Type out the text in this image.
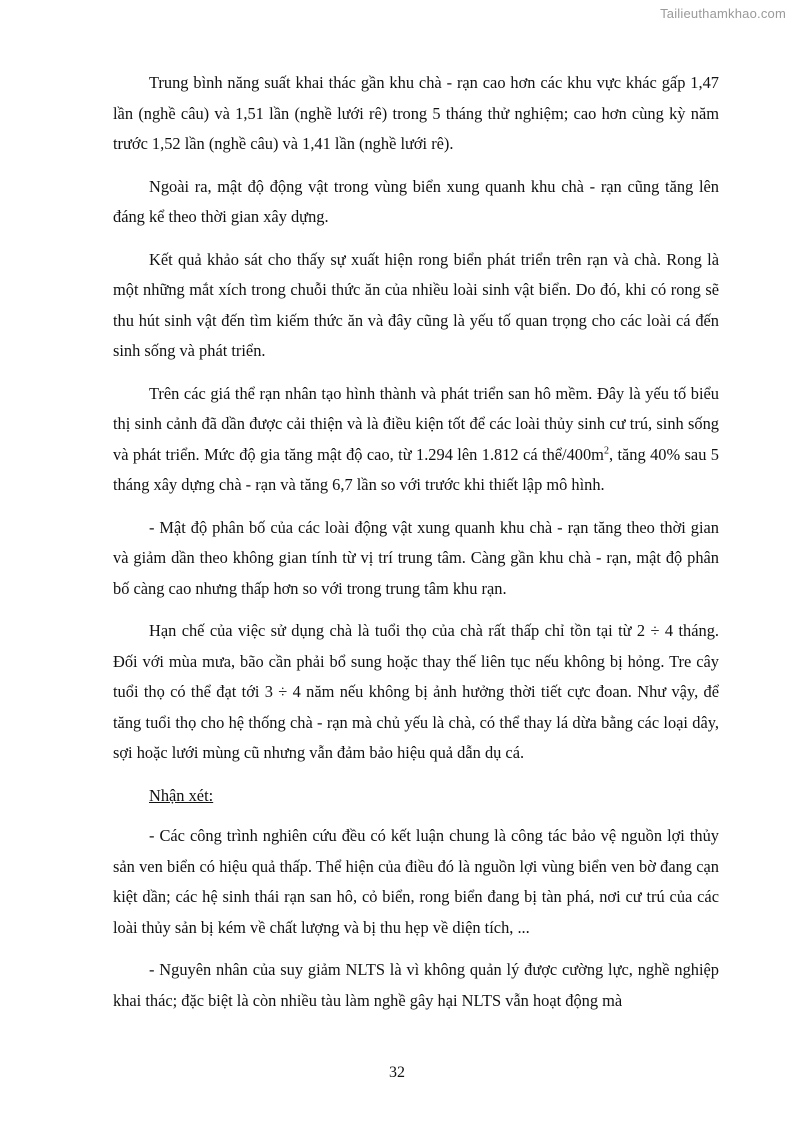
Tailieuthamkhao.com

Trung bình năng suất khai thác gần khu chà - rạn cao hơn các khu vực khác gấp 1,47 lần (nghề câu) và 1,51 lần (nghề lưới rê) trong 5 tháng thử nghiệm; cao hơn cùng kỳ năm trước 1,52 lần (nghề câu) và 1,41 lần (nghề lưới rê).

Ngoài ra, mật độ động vật trong vùng biển xung quanh khu chà - rạn cũng tăng lên đáng kể theo thời gian xây dựng.

Kết quả khảo sát cho thấy sự xuất hiện rong biển phát triển trên rạn và chà. Rong là một những mắt xích trong chuỗi thức ăn của nhiều loài sinh vật biển. Do đó, khi có rong sẽ thu hút sinh vật đến tìm kiếm thức ăn và đây cũng là yếu tố quan trọng cho các loài cá đến sinh sống và phát triển.

Trên các giá thể rạn nhân tạo hình thành và phát triển san hô mềm. Đây là yếu tố biểu thị sinh cảnh đã dần được cải thiện và là điều kiện tốt để các loài thủy sinh cư trú, sinh sống và phát triển. Mức độ gia tăng mật độ cao, từ 1.294 lên 1.812 cá thể/$400m^2$, tăng 40% sau 5 tháng xây dựng chà - rạn và tăng 6,7 lần so với trước khi thiết lập mô hình.

- Mật độ phân bố của các loài động vật xung quanh khu chà - rạn tăng theo thời gian và giảm dần theo không gian tính từ vị trí trung tâm. Càng gần khu chà - rạn, mật độ phân bố càng cao nhưng thấp hơn so với trong trung tâm khu rạn.

Hạn chế của việc sử dụng chà là tuổi thọ của chà rất thấp chỉ tồn tại từ 2 ÷ 4 tháng. Đối với mùa mưa, bão cần phải bổ sung hoặc thay thế liên tục nếu không bị hỏng. Tre cây tuổi thọ có thể đạt tới 3 ÷ 4 năm nếu không bị ảnh hưởng thời tiết cực đoan. Như vậy, để tăng tuổi thọ cho hệ thống chà - rạn mà chủ yếu là chà, có thể thay lá dừa bằng các loại dây, sợi hoặc lưới mùng cũ nhưng vẫn đảm bảo hiệu quả dẫn dụ cá.

Nhận xét:

- Các công trình nghiên cứu đều có kết luận chung là công tác bảo vệ nguồn lợi thủy sản ven biển có hiệu quả thấp. Thể hiện của điều đó là nguồn lợi vùng biển ven bờ đang cạn kiệt dần; các hệ sinh thái rạn san hô, cỏ biển, rong biển đang bị tàn phá, nơi cư trú của các loài thủy sản bị kém về chất lượng và bị thu hẹp về diện tích, ...

- Nguyên nhân của suy giảm NLTS là vì không quản lý được cường lực, nghề nghiệp khai thác; đặc biệt là còn nhiều tàu làm nghề gây hại NLTS vẫn hoạt động mà

32
